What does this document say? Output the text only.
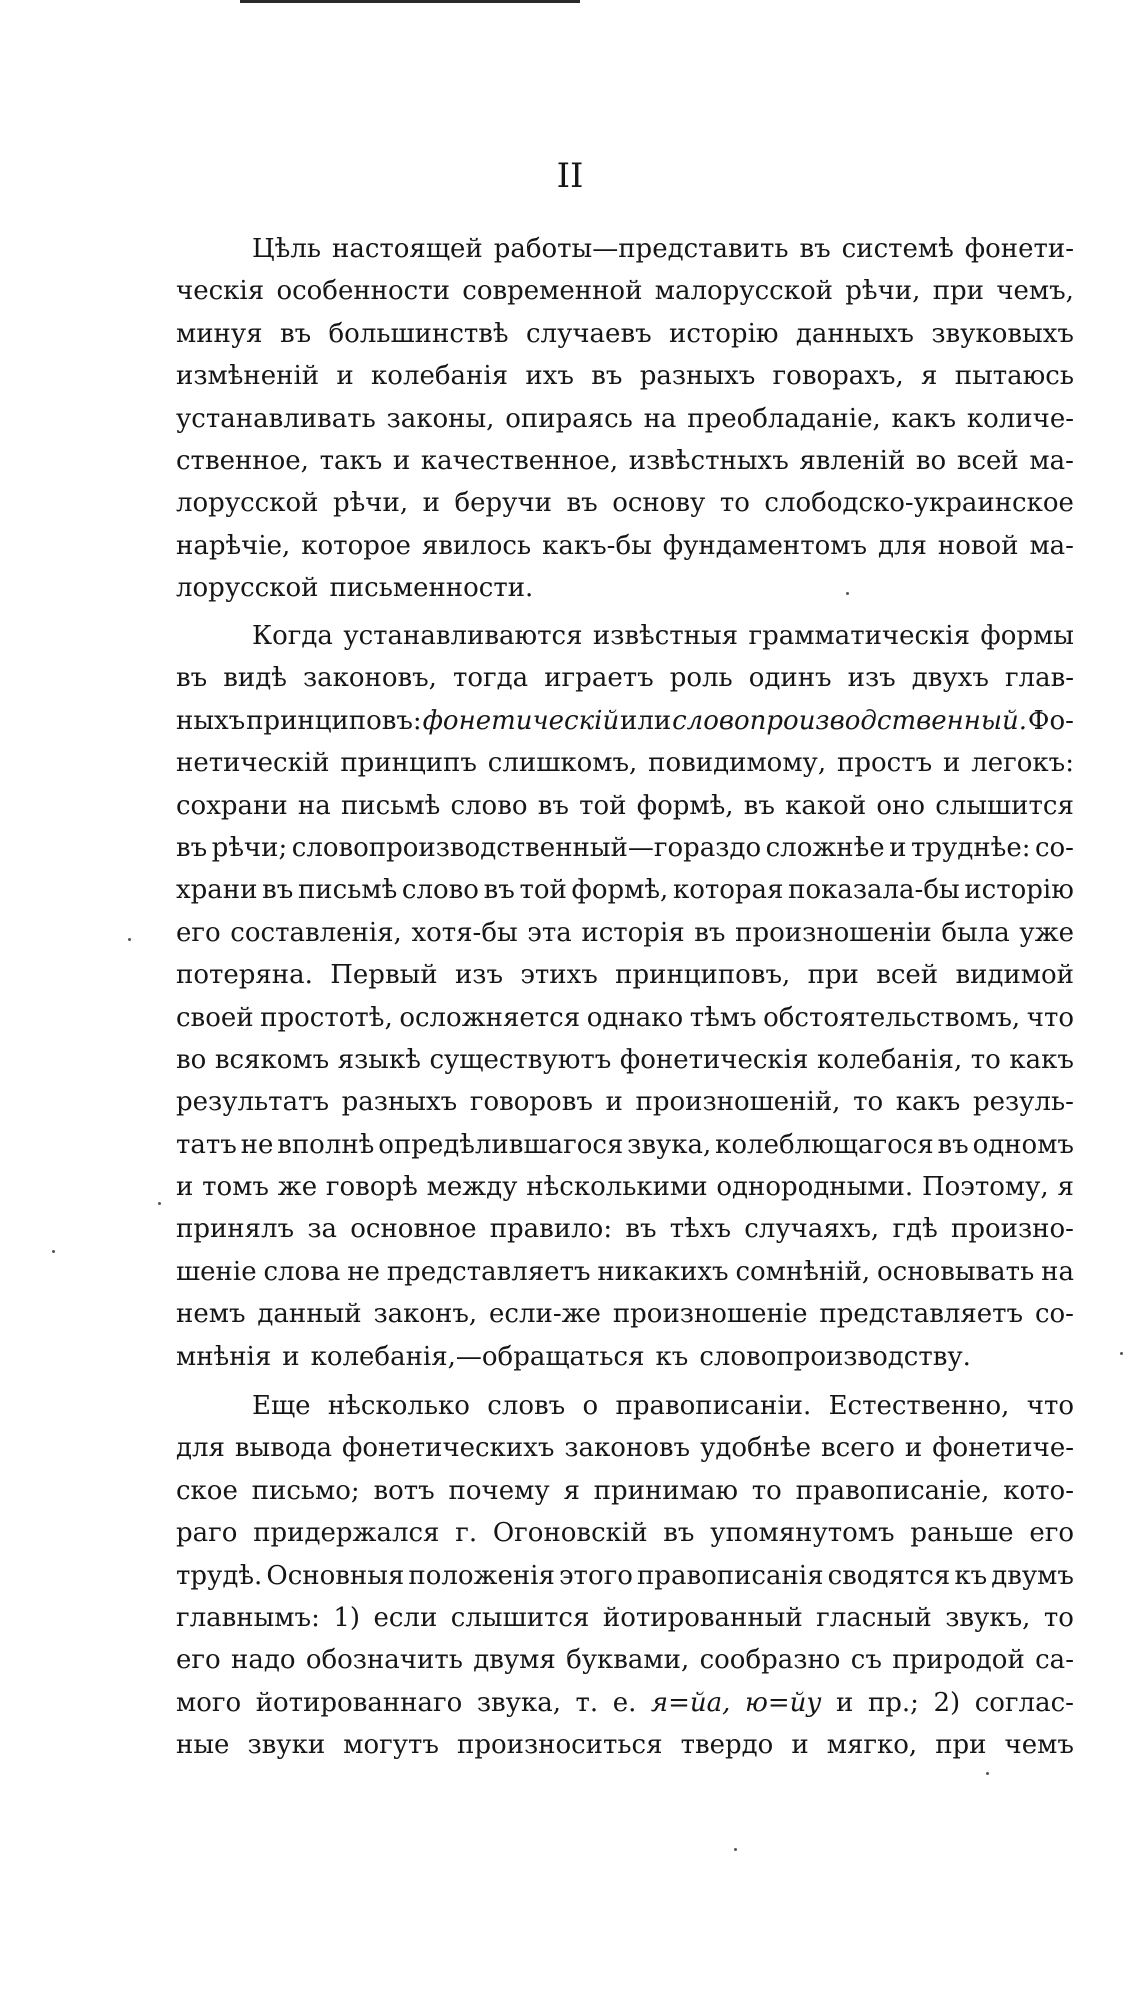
II
Цѣль настоящей работы—представить въ системѣ фонети-
ческія особенности современной малорусской рѣчи, при чемъ,
минуя въ большинствѣ случаевъ исторію данныхъ звуковыхъ
измѣненій и колебанія ихъ въ разныхъ говорахъ, я пытаюсь
устанавливать законы, опираясь на преобладаніе, какъ количе-
ственное, такъ и качественное, извѣстныхъ явленій во всей ма-
лорусской рѣчи, и беручи въ основу то слободско-украинское
нарѣчіе, которое явилось какъ-бы фундаментомъ для новой ма-
лорусской письменности.
Когда устанавливаются извѣстныя грамматическія формы
въ видѣ законовъ, тогда играетъ роль одинъ изъ двухъ глав-
ныхъ принциповъ: фонетическій или словопроизводственный. Фо-
нетическій принципъ слишкомъ, повидимому, простъ и легокъ:
сохрани на письмѣ слово въ той формѣ, въ какой оно слышится
въ рѣчи; словопроизводственный—гораздо сложнѣе и труднѣе: со-
храни въ письмѣ слово въ той формѣ, которая показала-бы исторію
его составленія, хотя-бы эта исторія въ произношеніи была уже
потеряна. Первый изъ этихъ принциповъ, при всей видимой
своей простотѣ, осложняется однако тѣмъ обстоятельствомъ, что
во всякомъ языкѣ существуютъ фонетическія колебанія, то какъ
результатъ разныхъ говоровъ и произношеній, то какъ резуль-
татъ не вполнѣ опредѣлившагося звука, колеблющагося въ одномъ
и томъ же говорѣ между нѣсколькими однородными. Поэтому, я
принялъ за основное правило: въ тѣхъ случаяхъ, гдѣ произно-
шеніе слова не представляетъ никакихъ сомнѣній, основывать на
немъ данный законъ, если-же произношеніе представляетъ со-
мнѣнія и колебанія,—обращаться къ словопроизводству.
Еще нѣсколько словъ о правописаніи. Естественно, что
для вывода фонетическихъ законовъ удобнѣе всего и фонетиче-
ское письмо; вотъ почему я принимаю то правописаніе, кото-
раго придержался г. Огоновскій въ упомянутомъ раньше его
трудѣ. Основныя положенія этого правописанія сводятся къ двумъ
главнымъ: 1) если слышится йотированный гласный звукъ, то
его надо обозначить двумя буквами, сообразно съ природой са-
мого йотированнаго звука, т. е. я=йа, ю=йу и пр.; 2) соглас-
ные звуки могутъ произноситься твердо и мягко, при чемъ
